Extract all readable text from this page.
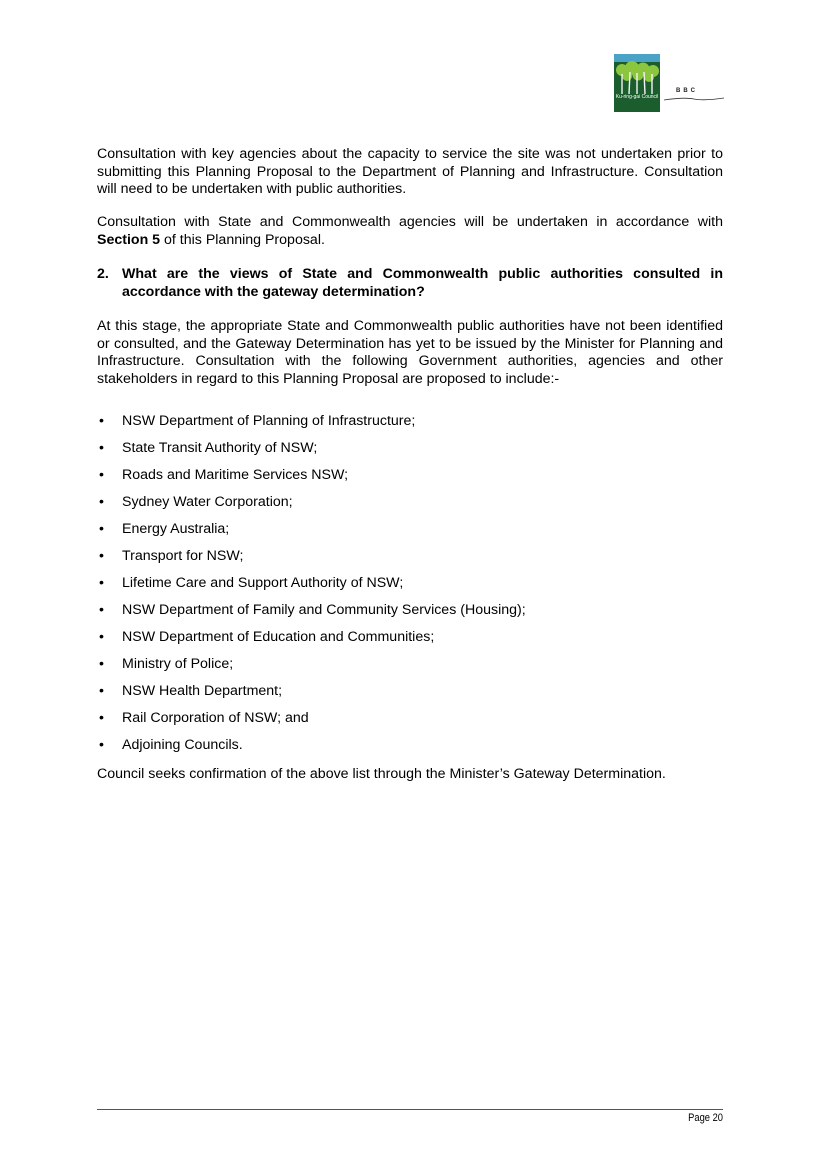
Ku-ring-gai Council
BBC
Consultation with key agencies about the capacity to service the site was not undertaken prior to submitting this Planning Proposal to the Department of Planning and Infrastructure. Consultation will need to be undertaken with public authorities.
Consultation with State and Commonwealth agencies will be undertaken in accordance with Section 5 of this Planning Proposal.
2. What are the views of State and Commonwealth public authorities consulted in accordance with the gateway determination?
At this stage, the appropriate State and Commonwealth public authorities have not been identified or consulted, and the Gateway Determination has yet to be issued by the Minister for Planning and Infrastructure. Consultation with the following Government authorities, agencies and other stakeholders in regard to this Planning Proposal are proposed to include:-
• NSW Department of Planning of Infrastructure;
• State Transit Authority of NSW;
• Roads and Maritime Services NSW;
• Sydney Water Corporation;
• Energy Australia;
• Transport for NSW;
• Lifetime Care and Support Authority of NSW;
• NSW Department of Family and Community Services (Housing);
• NSW Department of Education and Communities;
• Ministry of Police;
• NSW Health Department;
• Rail Corporation of NSW; and
• Adjoining Councils.
Council seeks confirmation of the above list through the Minister’s Gateway Determination.
Page 20
